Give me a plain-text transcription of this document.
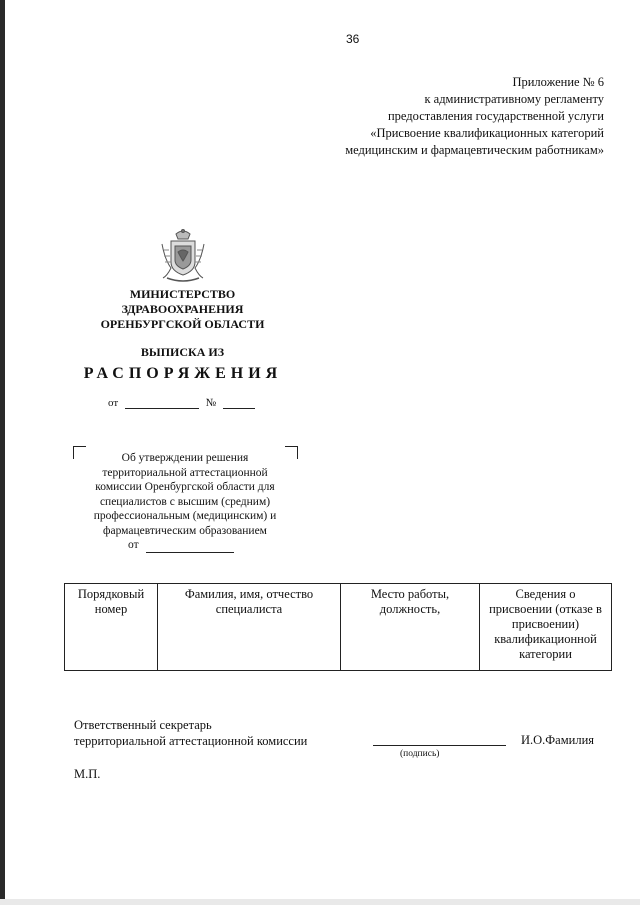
36
Приложение № 6
к административному регламенту
предоставления государственной услуги
«Присвоение квалификационных категорий
медицинским и фармацевтическим работникам»
МИНИСТЕРСТВО
ЗДРАВООХРАНЕНИЯ
ОРЕНБУРГСКОЙ ОБЛАСТИ
ВЫПИСКА ИЗ
РАСПОРЯЖЕНИЯ
от	№
Об утверждении решения
территориальной аттестационной
комиссии Оренбургской области для
специалистов с высшим (средним)
профессиональным (медицинским) и
фармацевтическим образованием
от
Порядковый номер	Фамилия, имя, отчество специалиста	Место работы, должность,	Сведения о присвоении (отказе в присвоении) квалификационной категории
Ответственный секретарь
территориальной аттестационной комиссии
(подпись)
И.О.Фамилия
М.П.
